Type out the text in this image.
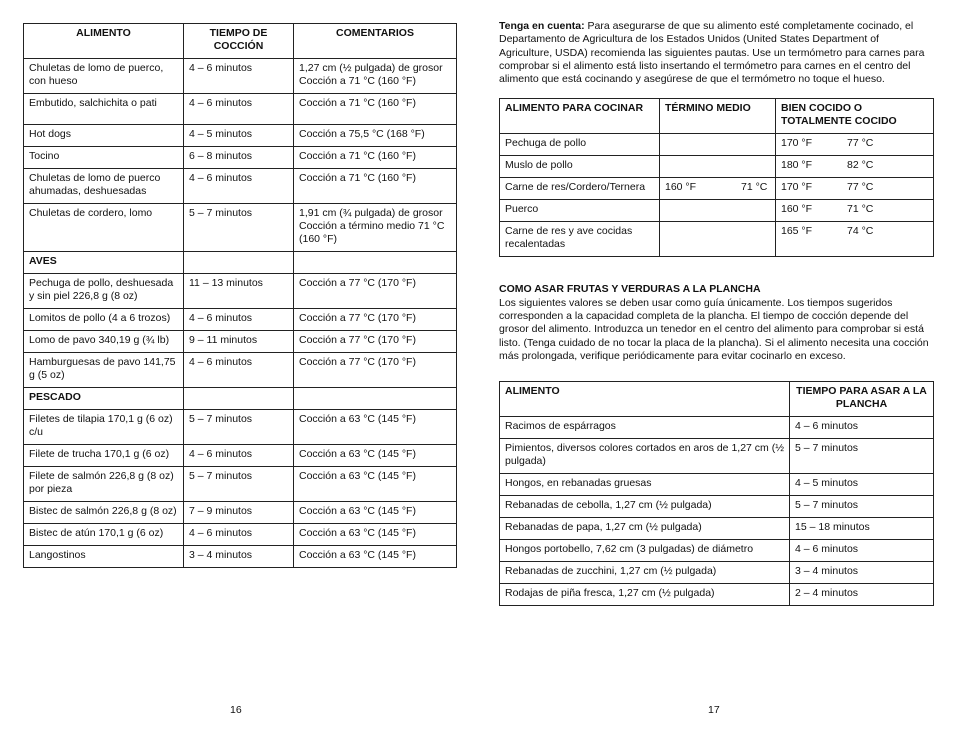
ALIMENTO	TIEMPO DE COCCIÓN	COMENTARIOS
Chuletas de lomo de puerco, con hueso	4 – 6 minutos	1,27 cm (½ pulgada) de grosor Cocción a 71 °C (160 °F)
Embutido, salchichita o pati	4 – 6 minutos	Cocción a 71 °C (160 °F)
Hot dogs	4 – 5 minutos	Cocción a 75,5 °C (168 °F)
Tocino	6 – 8 minutos	Cocción a 71 °C (160 °F)
Chuletas de lomo de puerco ahumadas, deshuesadas	4 – 6 minutos	Cocción a 71 °C (160 °F)
Chuletas de cordero, lomo	5 – 7 minutos	1,91 cm (¾ pulgada) de grosor Cocción a término medio 71 °C (160 °F)
AVES		
Pechuga de pollo, deshuesada y sin piel 226,8 g (8 oz)	11 – 13 minutos	Cocción a 77 °C (170 °F)
Lomitos de pollo (4 a 6 trozos)	4 – 6 minutos	Cocción a 77 °C (170 °F)
Lomo de pavo 340,19 g (¾ lb)	9 – 11 minutos	Cocción a 77 °C (170 °F)
Hamburguesas de pavo 141,75 g (5 oz)	4 – 6 minutos	Cocción a 77 °C (170 °F)
PESCADO		
Filetes de tilapia 170,1 g (6 oz) c/u	5 – 7 minutos	Cocción a 63 °C (145 °F)
Filete de trucha 170,1 g (6 oz)	4 – 6 minutos	Cocción a 63 °C (145 °F)
Filete de salmón 226,8 g (8 oz) por pieza	5 – 7 minutos	Cocción a 63 °C (145 °F)
Bistec de salmón 226,8 g (8 oz)	7 – 9 minutos	Cocción a 63 °C (145 °F)
Bistec de atún 170,1 g (6 oz)	4 – 6 minutos	Cocción a 63 °C (145 °F)
Langostinos	3 – 4 minutos	Cocción a 63 °C (145 °F)
16

Tenga en cuenta: Para asegurarse de que su alimento esté completamente cocinado, el Departamento de Agricultura de los Estados Unidos (United States Department of Agriculture, USDA) recomienda las siguientes pautas. Use un termómetro para carnes para comprobar si el alimento está listo insertando el termómetro para carnes en el centro del alimento que está cocinando y asegúrese de que el termómetro no toque el hueso.

ALIMENTO PARA COCINAR	TÉRMINO MEDIO	BIEN COCIDO O TOTALMENTE COCIDO
Pechuga de pollo		170 °F 77 °C

Muslo de pollo		180 °F 82 °C

Carne de res/Cordero/Ternera	160 °F 71 °C	170 °F 77 °C

Puerco		160 °F 71 °C

Carne de res y ave cocidas recalentadas		165 °F 74 °C

COMO ASAR FRUTAS Y VERDURAS A LA PLANCHA

Los siguientes valores se deben usar como guía únicamente. Los tiempos sugeridos corresponden a la capacidad completa de la plancha. El tiempo de cocción depende del grosor del alimento. Introduzca un tenedor en el centro del alimento para comprobar si está listo. (Tenga cuidado de no tocar la placa de la plancha). Si el alimento necesita una cocción más prolongada, verifique periódicamente para evitar cocinarlo en exceso.

ALIMENTO	TIEMPO PARA ASAR A LA PLANCHA
Racimos de espárragos	4 – 6 minutos
Pimientos, diversos colores cortados en aros de 1,27 cm (½ pulgada)	5 – 7 minutos
Hongos, en rebanadas gruesas	4 – 5 minutos
Rebanadas de cebolla, 1,27 cm (½ pulgada)	5 – 7 minutos
Rebanadas de papa, 1,27 cm (½ pulgada)	15 – 18 minutos
Hongos portobello, 7,62 cm (3 pulgadas) de diámetro	4 – 6 minutos
Rebanadas de zucchini, 1,27 cm (½ pulgada)	3 – 4 minutos
Rodajas de piña fresca, 1,27 cm (½ pulgada)	2 – 4 minutos
17
